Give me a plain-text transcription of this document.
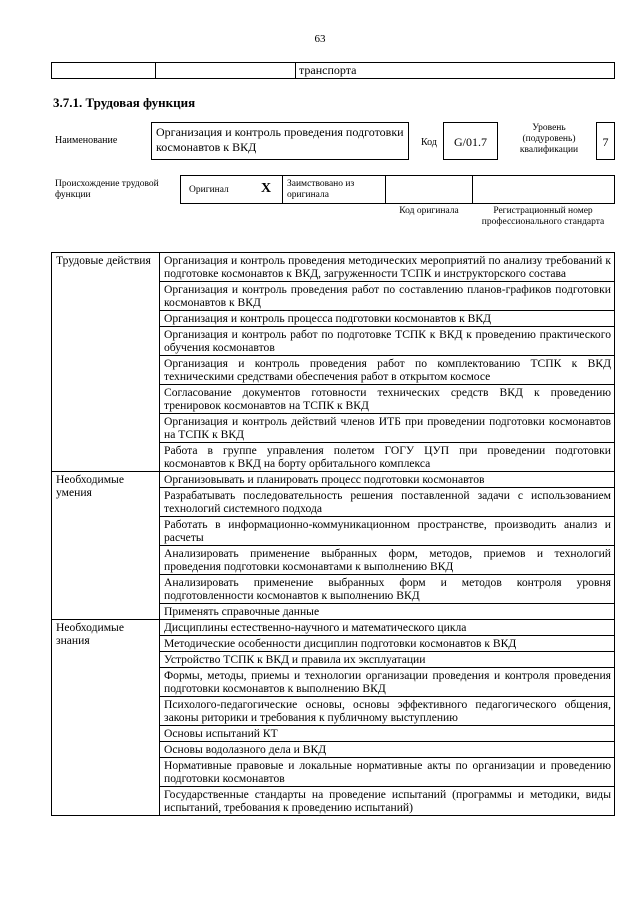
63
		транспорта
3.7.1. Трудовая функция
Наименование
Организация и контроль проведения подготовки космонавтов к ВКД	Код	G/01.7
Уровень (подуровень) квалификации
7
Происхождение трудовой функции	Оригинал X Заимствовано из оригинала
Код оригинала	Регистрационный номер профессионального стандарта
Трудовые действия	Организация и контроль проведения методических мероприятий по анализу требований к подготовке космонавтов к ВКД, загруженности ТСПК и инструкторского состава
	Организация и контроль проведения работ по составлению планов-графиков подготовки космонавтов к ВКД
	Организация и контроль процесса подготовки космонавтов к ВКД
	Организация и контроль работ по подготовке ТСПК к ВКД к проведению практического обучения космонавтов
	Организация и контроль проведения работ по комплектованию ТСПК к ВКД техническими средствами обеспечения работ в открытом космосе
	Согласование документов готовности технических средств ВКД к проведению тренировок космонавтов на ТСПК к ВКД
	Организация и контроль действий членов ИТБ при проведении подготовки космонавтов на ТСПК к ВКД
	Работа в группе управления полетом ГОГУ ЦУП при проведении подготовки космонавтов к ВКД на борту орбитального комплекса
Необходимые умения	Организовывать и планировать процесс подготовки космонавтов
	Разрабатывать последовательность решения поставленной задачи с использованием технологий системного подхода
	Работать в информационно-коммуникационном пространстве, производить анализ и расчеты
	Анализировать применение выбранных форм, методов, приемов и технологий проведения подготовки космонавтами к выполнению ВКД
	Анализировать применение выбранных форм и методов контроля уровня подготовленности космонавтов к выполнению ВКД
	Применять справочные данные
Необходимые знания	Дисциплины естественно-научного и математического цикла
	Методические особенности дисциплин подготовки космонавтов к ВКД
	Устройство ТСПК к ВКД и правила их эксплуатации
	Формы, методы, приемы и технологии организации проведения и контроля проведения подготовки космонавтов к выполнению ВКД
	Психолого-педагогические основы, основы эффективного педагогического общения, законы риторики и требования к публичному выступлению
	Основы испытаний КТ
	Основы водолазного дела и ВКД
	Нормативные правовые и локальные нормативные акты по организации и проведению подготовки космонавтов
	Государственные стандарты на проведение испытаний (программы и методики, виды испытаний, требования к проведению испытаний)
